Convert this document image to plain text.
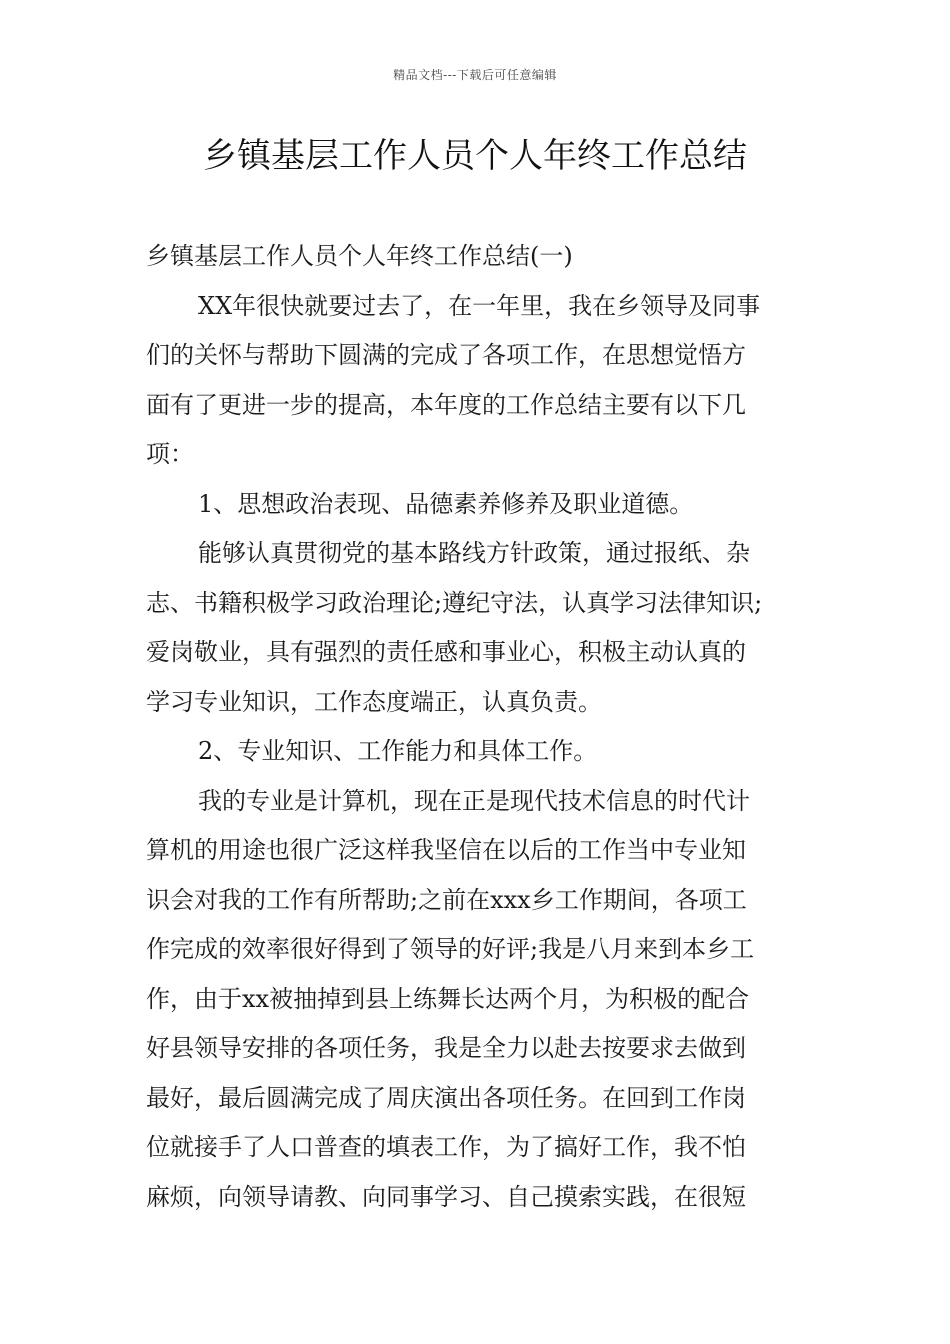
精品文档---下载后可任意编辑
乡镇基层工作人员个人年终工作总结
乡镇基层工作人员个人年终工作总结(一)
XX年很快就要过去了，在一年里，我在乡领导及同事
们的关怀与帮助下圆满的完成了各项工作，在思想觉悟方
面有了更进一步的提高，本年度的工作总结主要有以下几
项：
1、思想政治表现、品德素养修养及职业道德。
能够认真贯彻党的基本路线方针政策，通过报纸、杂
志、书籍积极学习政治理论;遵纪守法，认真学习法律知识;
爱岗敬业，具有强烈的责任感和事业心，积极主动认真的
学习专业知识，工作态度端正，认真负责。
2、专业知识、工作能力和具体工作。
我的专业是计算机，现在正是现代技术信息的时代计
算机的用途也很广泛这样我坚信在以后的工作当中专业知
识会对我的工作有所帮助;之前在xxx乡工作期间，各项工
作完成的效率很好得到了领导的好评;我是八月来到本乡工
作，由于xx被抽掉到县上练舞长达两个月，为积极的配合
好县领导安排的各项任务，我是全力以赴去按要求去做到
最好，最后圆满完成了周庆演出各项任务。在回到工作岗
位就接手了人口普查的填表工作，为了搞好工作，我不怕
麻烦，向领导请教、向同事学习、自己摸索实践，在很短
